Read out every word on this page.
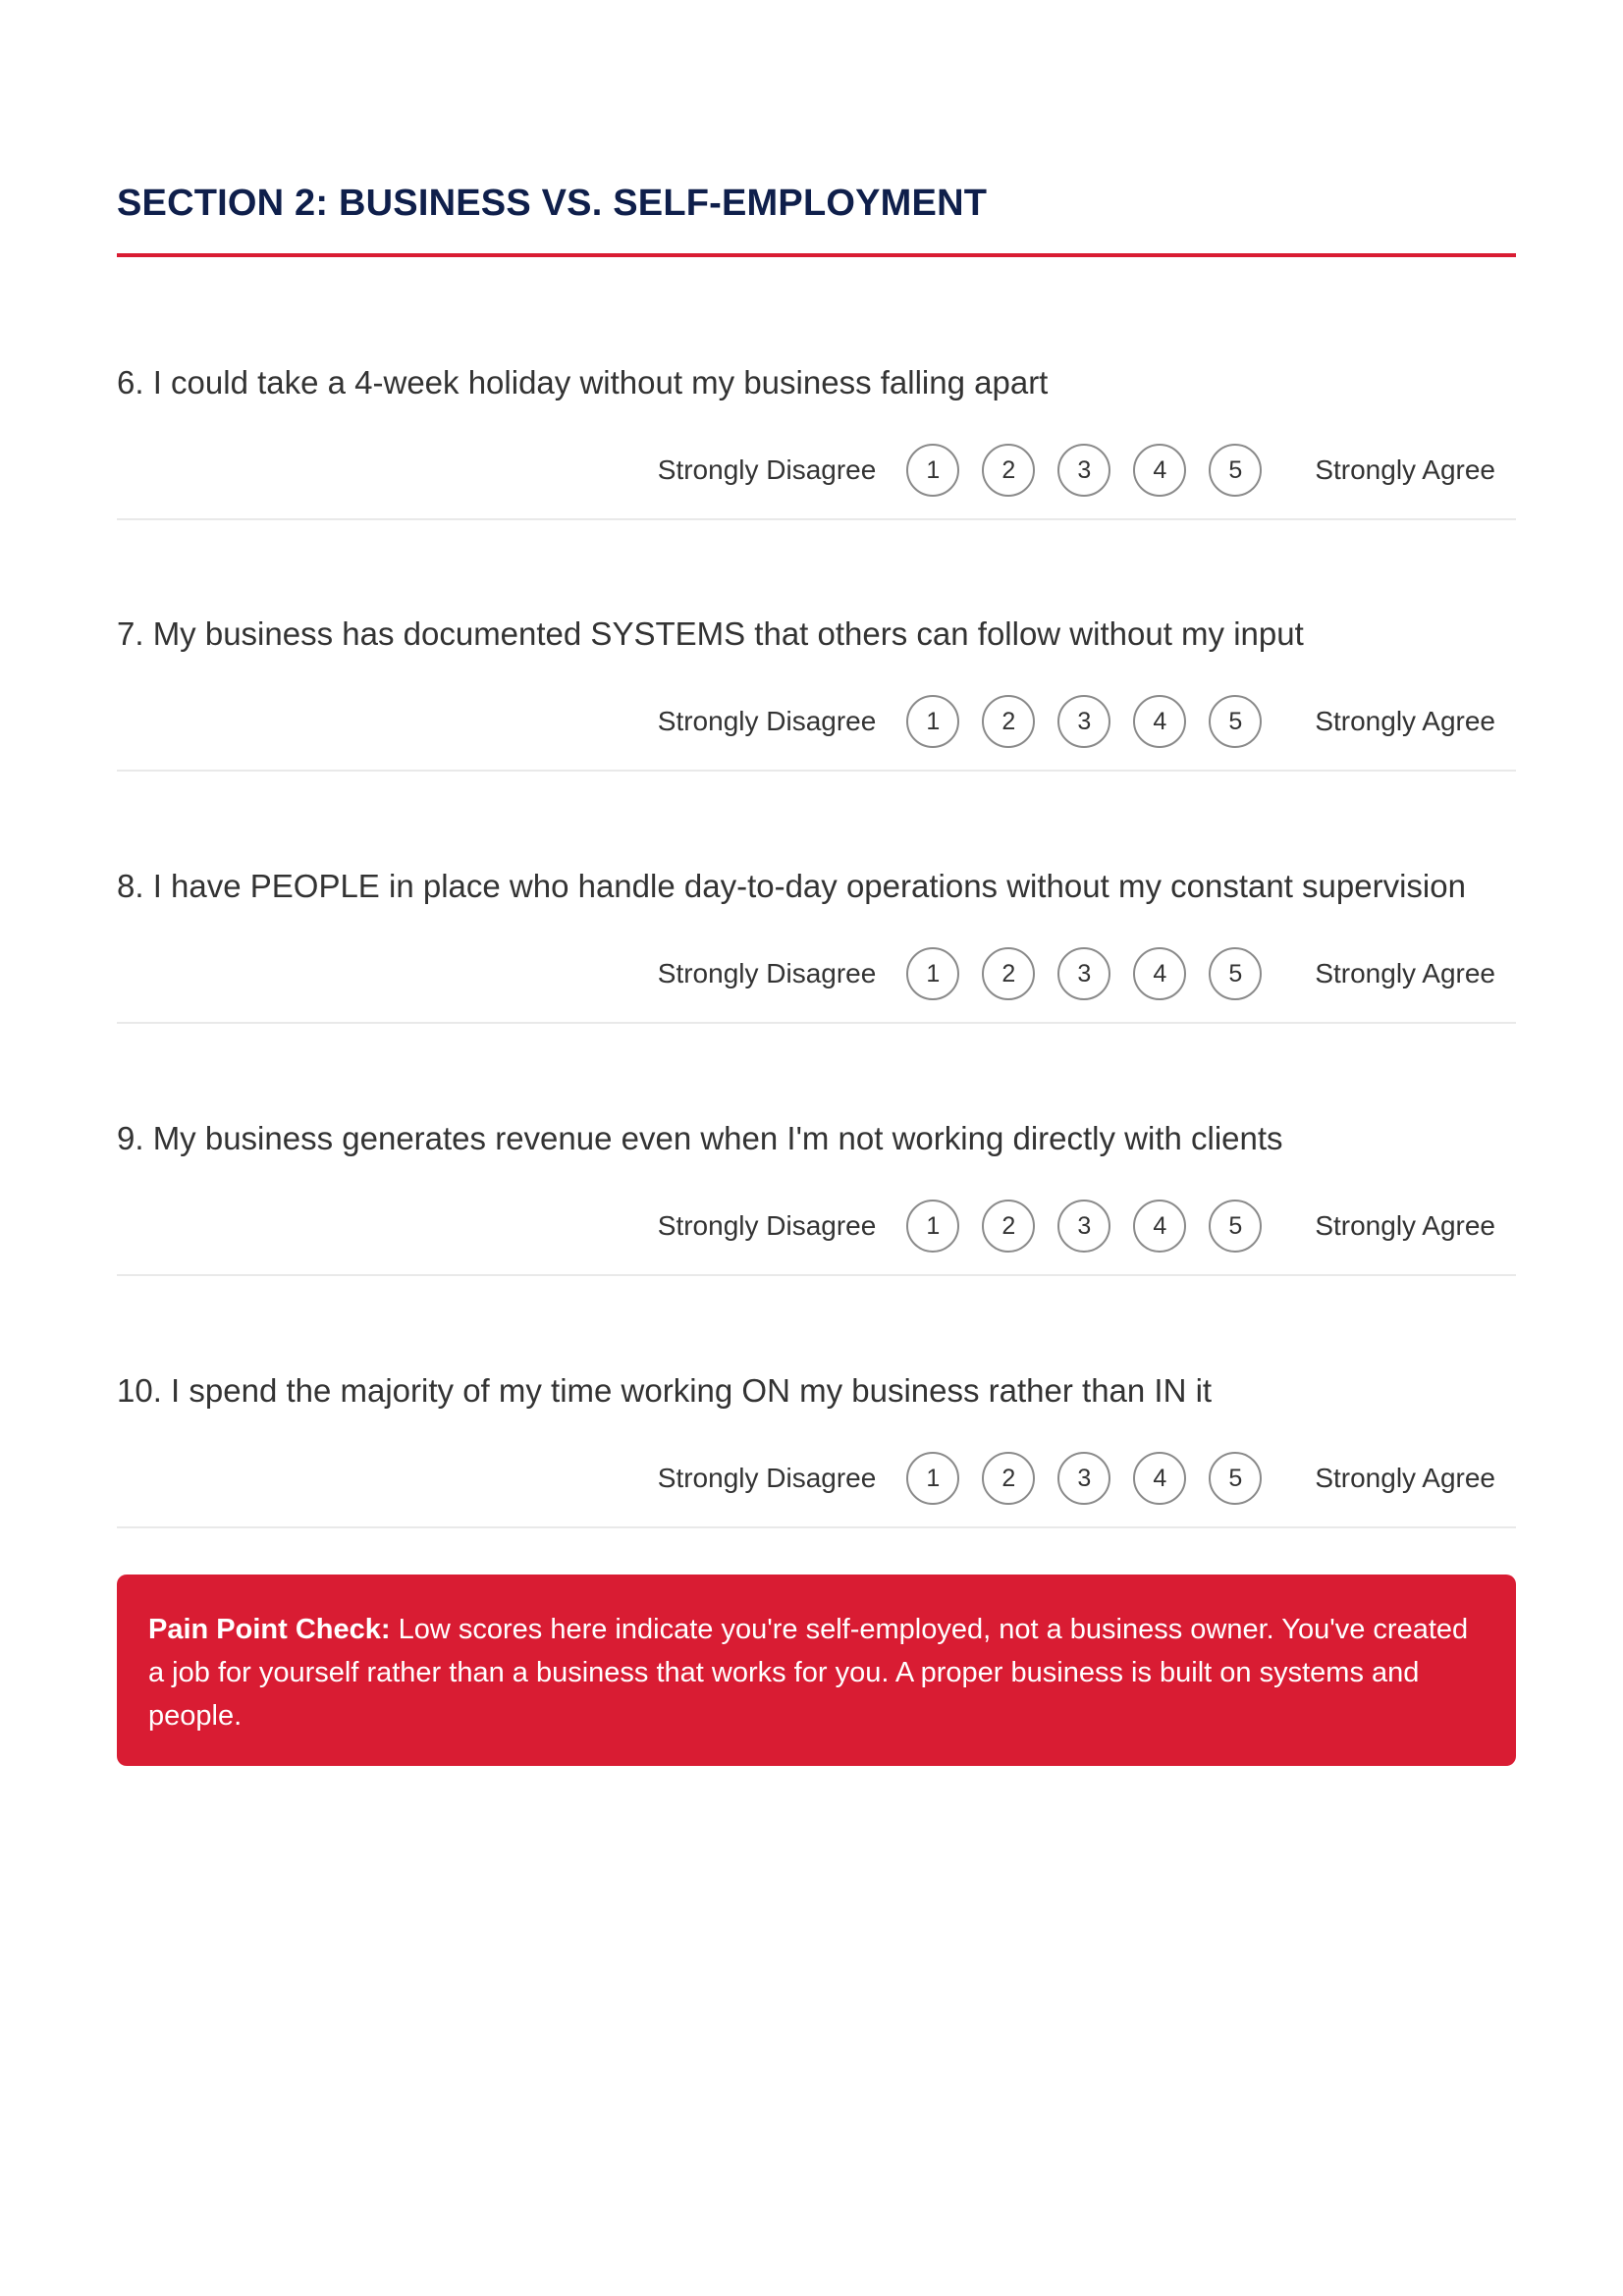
SECTION 2: BUSINESS VS. SELF-EMPLOYMENT
6. I could take a 4-week holiday without my business falling apart
Strongly Disagree	1	2	3	4	5	Strongly Agree
7. My business has documented SYSTEMS that others can follow without my input
Strongly Disagree	1	2	3	4	5	Strongly Agree
8. I have PEOPLE in place who handle day-to-day operations without my constant supervision
Strongly Disagree	1	2	3	4	5	Strongly Agree
9. My business generates revenue even when I'm not working directly with clients
Strongly Disagree	1	2	3	4	5	Strongly Agree
10. I spend the majority of my time working ON my business rather than IN it
Strongly Disagree	1	2	3	4	5	Strongly Agree
Pain Point Check: Low scores here indicate you're self-employed, not a business owner. You've created a job for yourself rather than a business that works for you. A proper business is built on systems and people.
